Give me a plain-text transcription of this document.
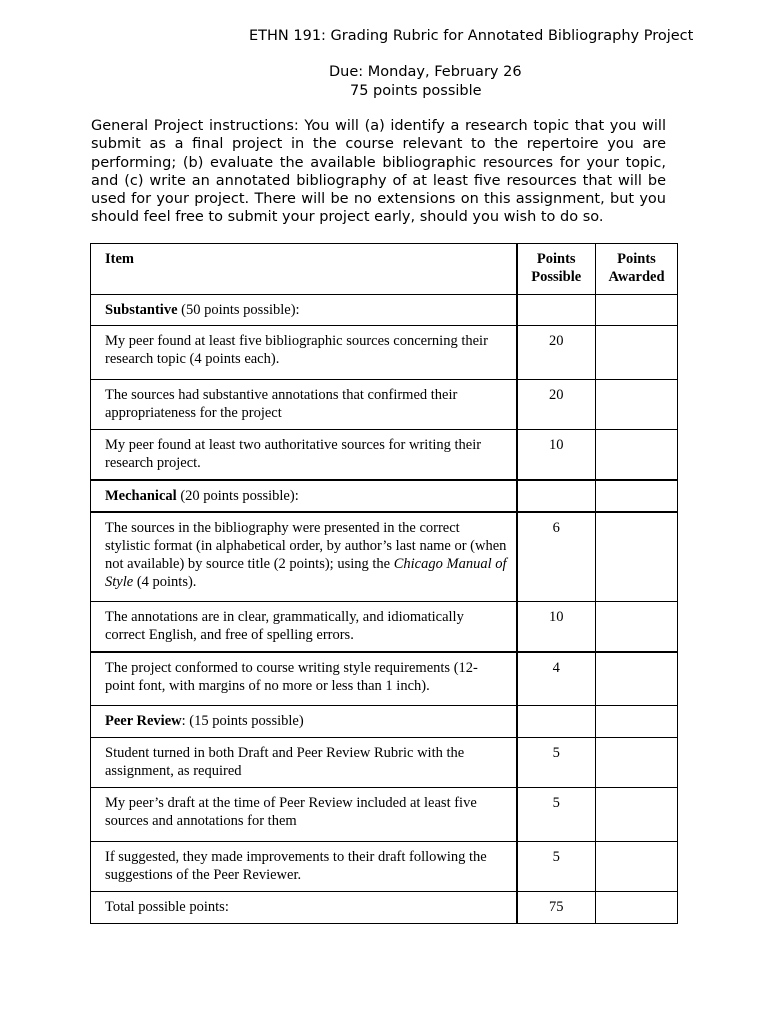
ETHN 191: Grading Rubric for Annotated Bibliography Project
Due: Monday, February 26
75 points possible

General Project instructions: You will (a) identify a research topic that you will submit as a final project in the course relevant to the repertoire you are performing; (b) evaluate the available bibliographic resources for your topic, and (c) write an annotated bibliography of at least five resources that will be used for your project. There will be no extensions on this assignment, but you should feel free to submit your project early, should you wish to do so.

Item	Points Possible	Points Awarded
Substantive (50 points possible):		
My peer found at least five bibliographic sources concerning their research topic (4 points each).	20	
The sources had substantive annotations that confirmed their appropriateness for the project	20	
My peer found at least two authoritative sources for writing their research project.	10	
Mechanical (20 points possible):		
The sources in the bibliography were presented in the correct stylistic format (in alphabetical order, by author’s last name or (when not available) by source title (2 points); using the Chicago Manual of Style (4 points).	6	
The annotations are in clear, grammatically, and idiomatically correct English, and free of spelling errors.	10	
The project conformed to course writing style requirements (12-point font, with margins of no more or less than 1 inch).	4	
Peer Review: (15 points possible)		
Student turned in both Draft and Peer Review Rubric with the assignment, as required	5	
My peer’s draft at the time of Peer Review included at least five sources and annotations for them	5	
If suggested, they made improvements to their draft following the suggestions of the Peer Reviewer.	5	
Total possible points:	75	
